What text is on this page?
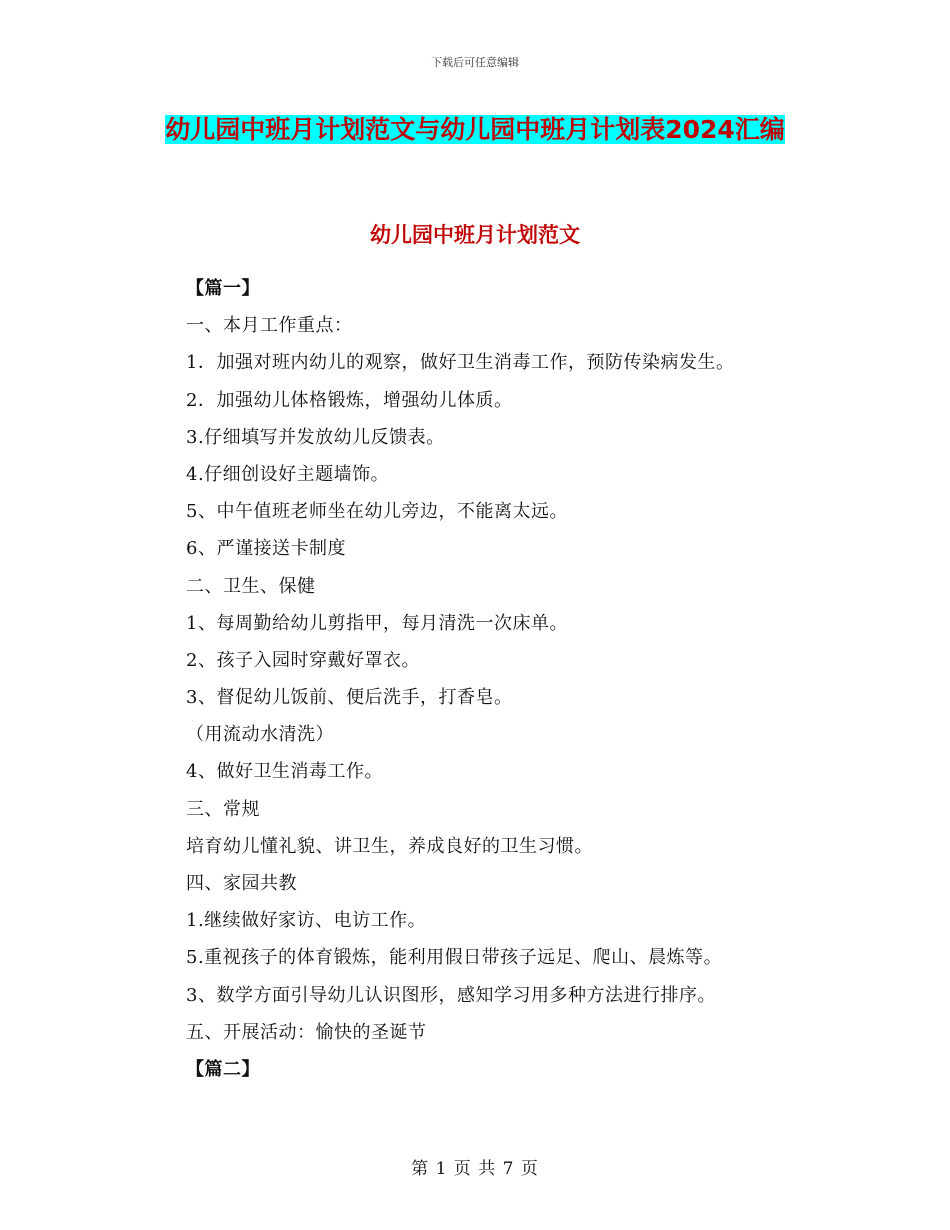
下载后可任意编辑
幼儿园中班月计划范文与幼儿园中班月计划表2024汇编
幼儿园中班月计划范文
【篇一】
一、本月工作重点：
1．加强对班内幼儿的观察，做好卫生消毒工作，预防传染病发生。
2．加强幼儿体格锻炼，增强幼儿体质。
3.仔细填写并发放幼儿反馈表。
4.仔细创设好主题墙饰。
5、中午值班老师坐在幼儿旁边，不能离太远。
6、严谨接送卡制度
二、卫生、保健
1、每周勤给幼儿剪指甲，每月清洗一次床单。
2、孩子入园时穿戴好罩衣。
3、督促幼儿饭前、便后洗手，打香皂。
（用流动水清洗）
4、做好卫生消毒工作。
三、常规
培育幼儿懂礼貌、讲卫生，养成良好的卫生习惯。
四、家园共教
1.继续做好家访、电访工作。
5.重视孩子的体育锻炼，能利用假日带孩子远足、爬山、晨炼等。
3、数学方面引导幼儿认识图形，感知学习用多种方法进行排序。
五、开展活动：愉快的圣诞节
【篇二】
第 1 页 共 7 页
